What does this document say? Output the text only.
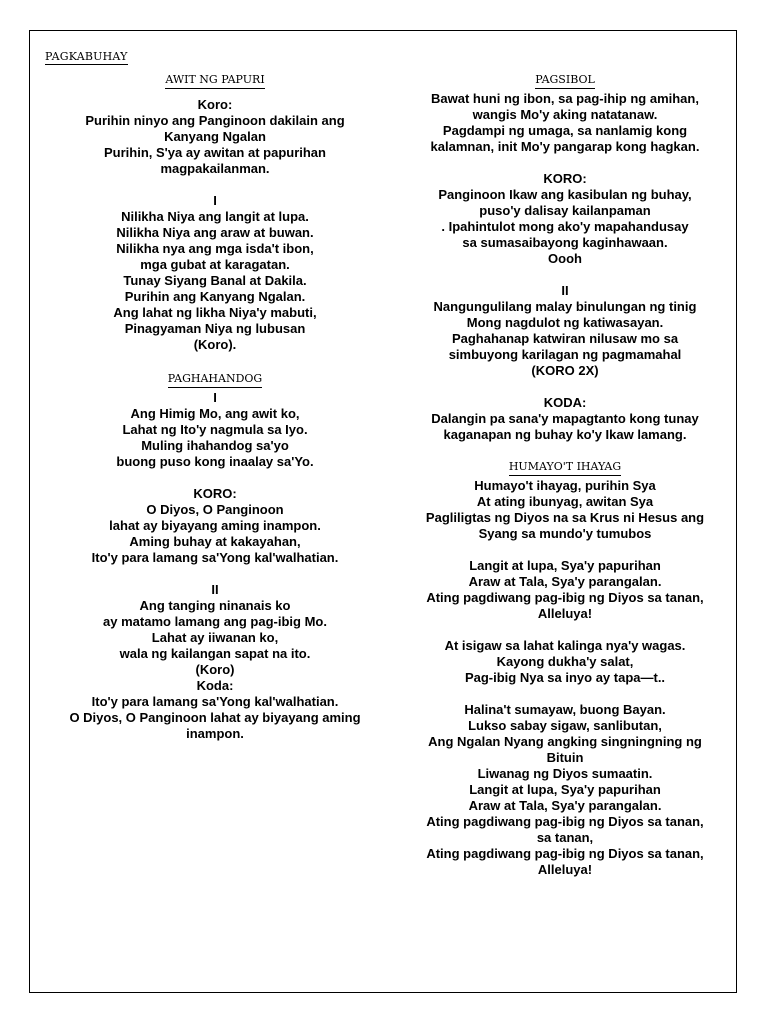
PAGKABUHAY
AWIT NG PAPURI
Koro:
Purihin ninyo ang Panginoon dakilain ang
Kanyang Ngalan
Purihin, S'ya ay awitan at papurihan
magpakailanman.
I
Nilikha Niya ang langit at lupa.
Nilikha Niya ang araw at buwan.
Nilikha nya ang mga isda't ibon,
mga gubat at karagatan.
Tunay Siyang Banal at Dakila.
Purihin ang Kanyang Ngalan.
Ang lahat ng likha Niya'y mabuti,
Pinagyaman Niya ng lubusan
(Koro).
PAGHAHANDOG
I
Ang Himig Mo, ang awit ko,
Lahat ng Ito'y nagmula sa Iyo.
Muling ihahandog sa'yo
buong puso kong inaalay sa'Yo.
KORO:
O Diyos, O Panginoon
lahat ay biyayang aming inampon.
Aming buhay at kakayahan,
Ito'y para lamang sa'Yong kal'walhatian.
II
Ang tanging ninanais ko
ay matamo lamang ang pag-ibig Mo.
Lahat ay iiwanan ko,
wala ng kailangan sapat na ito.
(Koro)
Koda:
Ito'y para lamang sa'Yong kal'walhatian.
O Diyos, O Panginoon lahat ay biyayang aming
inampon.
PAGSIBOL
Bawat huni ng ibon, sa pag-ihip ng amihan,
wangis Mo'y aking natatanaw.
Pagdampi ng umaga, sa nanlamig kong
kalamnan, init Mo'y pangarap kong hagkan.
KORO:
Panginoon Ikaw ang kasibulan ng buhay,
puso'y dalisay kailanpaman
. Ipahintulot mong ako'y mapahandusay
sa sumasaibayong kaginhawaan.
Oooh
II
Nangungulilang malay binulungan ng tinig
Mong nagdulot ng katiwasayan.
Paghahanap katwiran nilusaw mo sa
simbuyong karilagan ng pagmamahal
(KORO 2X)
KODA:
Dalangin pa sana'y mapagtanto kong tunay
kaganapan ng buhay ko'y Ikaw lamang.
HUMAYO'T IHAYAG
Humayo't ihayag, purihin Sya
At ating ibunyag, awitan Sya
Pagliligtas ng Diyos na sa Krus ni Hesus ang
Syang sa mundo'y tumubos
Langit at lupa, Sya'y papurihan
Araw at Tala, Sya'y parangalan.
Ating pagdiwang pag-ibig ng Diyos sa tanan,
Alleluya!
At isigaw sa lahat kalinga nya'y wagas.
Kayong dukha'y salat,
Pag-ibig Nya sa inyo ay tapa—t..
Halina't sumayaw, buong Bayan.
Lukso sabay sigaw, sanlibutan,
Ang Ngalan Nyang angking singningning ng
Bituin
Liwanag ng Diyos sumaatin.
Langit at lupa, Sya'y papurihan
Araw at Tala, Sya'y parangalan.
Ating pagdiwang pag-ibig ng Diyos sa tanan,
sa tanan,
Ating pagdiwang pag-ibig ng Diyos sa tanan,
Alleluya!
